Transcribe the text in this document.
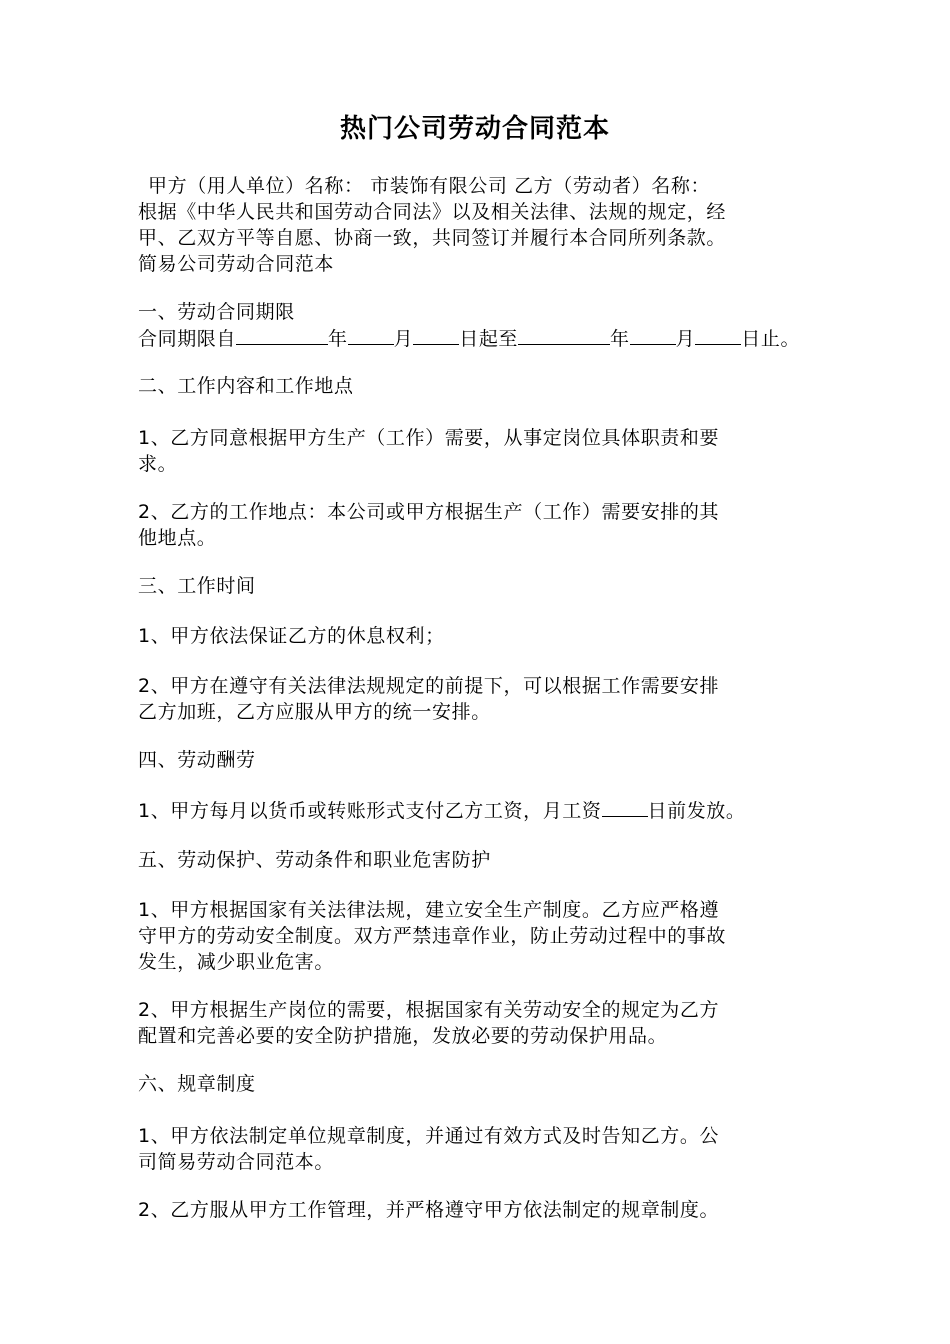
热门公司劳动合同范本
甲方（用人单位）名称： 市装饰有限公司 乙方（劳动者）名称：
根据《中华人民共和国劳动合同法》以及相关法律、法规的规定，经
甲、乙双方平等自愿、协商一致，共同签订并履行本合同所列条款。
简易公司劳动合同范本
一、劳动合同期限
合同期限自	年 月 日起至	年 月 日止。
二、工作内容和工作地点
1、乙方同意根据甲方生产（工作）需要，从事定岗位具体职责和要
求。
2、乙方的工作地点：本公司或甲方根据生产（工作）需要安排的其
他地点。
三、工作时间
1、甲方依法保证乙方的休息权利；
2、甲方在遵守有关法律法规规定的前提下，可以根据工作需要安排
乙方加班，乙方应服从甲方的统一安排。
四、劳动酬劳
1、甲方每月以货币或转账形式支付乙方工资，月工资 日前发放。
五、劳动保护、劳动条件和职业危害防护
1、甲方根据国家有关法律法规，建立安全生产制度。乙方应严格遵
守甲方的劳动安全制度。双方严禁违章作业，防止劳动过程中的事故
发生，减少职业危害。
2、甲方根据生产岗位的需要，根据国家有关劳动安全的规定为乙方
配置和完善必要的安全防护措施，发放必要的劳动保护用品。
六、规章制度
1、甲方依法制定单位规章制度，并通过有效方式及时告知乙方。公
司简易劳动合同范本。
2、乙方服从甲方工作管理，并严格遵守甲方依法制定的规章制度。
